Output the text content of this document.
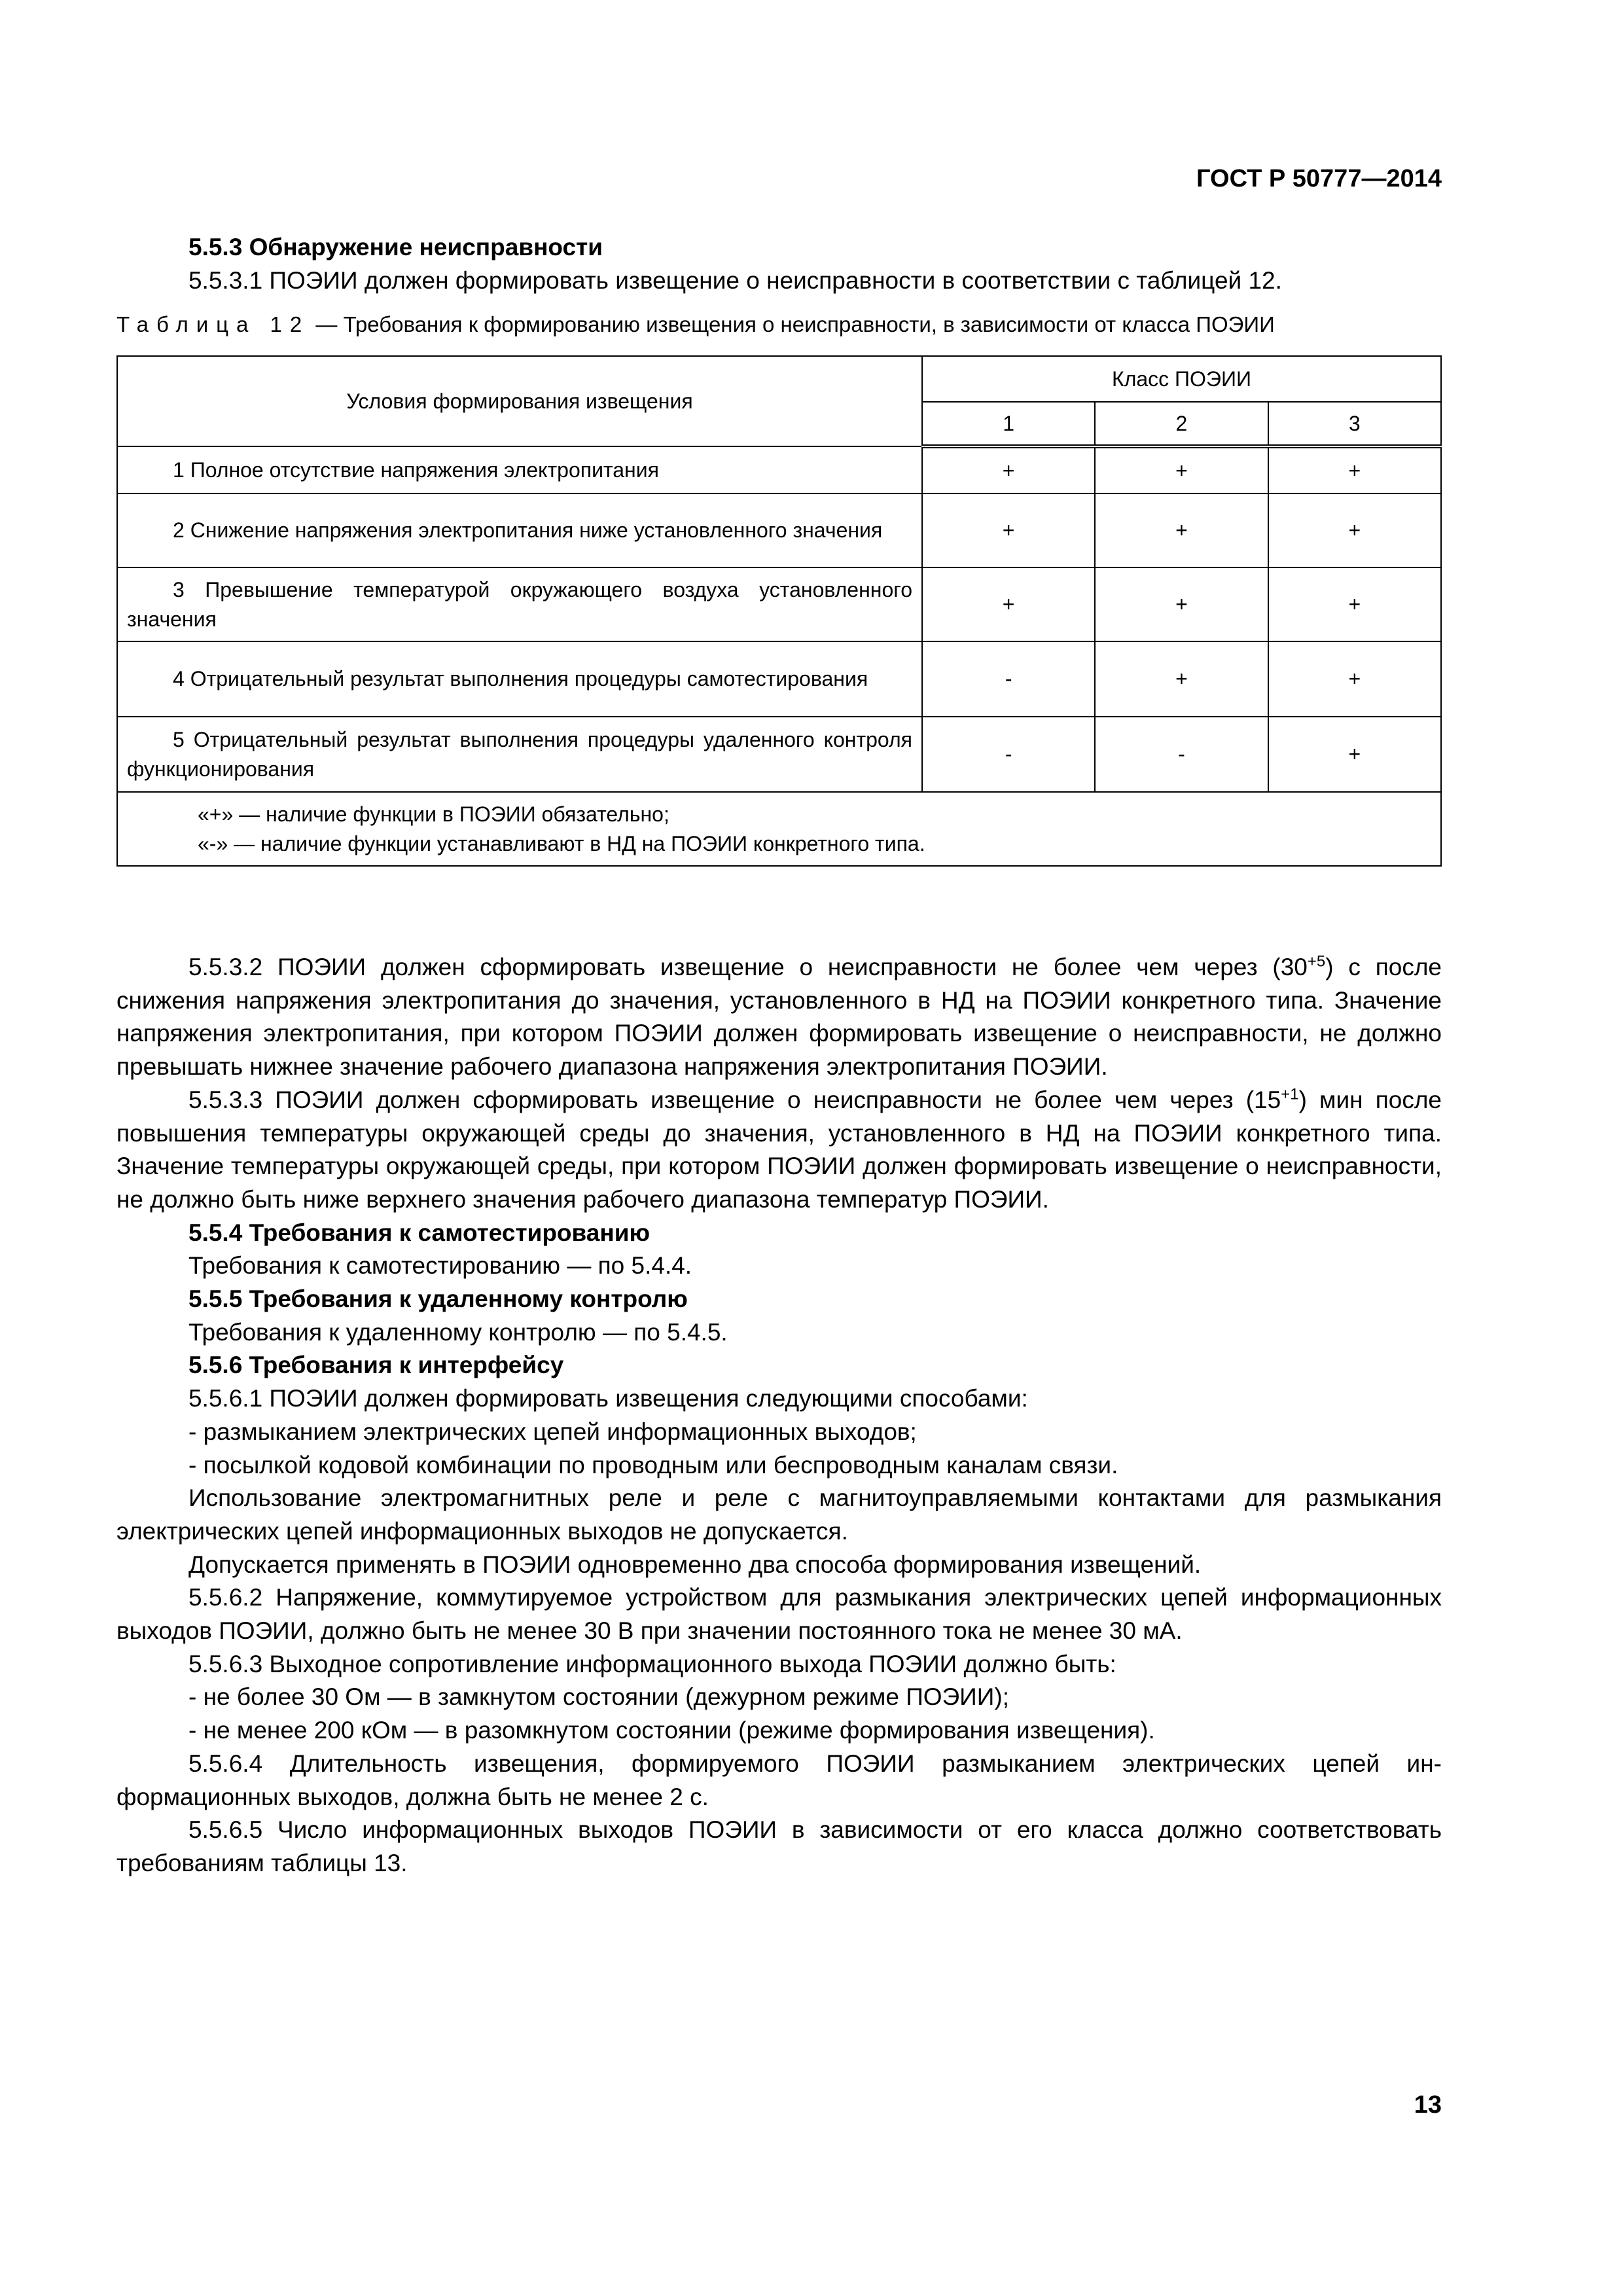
ГОСТ Р 50777—2014

5.5.3 Обнаружение неисправности

5.5.3.1 ПОЭИИ должен формировать извещение о неисправности в соответствии с таблицей 12.

Таблица 12 — Требования к формированию извещения о неисправности, в зависимости от класса ПОЭИИ

Условия формирования извещения	Класс ПОЭИИ		
	1	2	3
1 Полное отсутствие напряжения электропитания	+	+	+
2 Снижение напряжения электропитания ниже установленного значения	+	+	+
3 Превышение температурой окружающего воздуха установленного значения	+	+	+
4 Отрицательный результат выполнения процедуры самотестирования	-	+	+
5 Отрицательный результат выполнения процедуры удаленного контроля функционирования	-	-	+

«+» — наличие функции в ПОЭИИ обязательно;
«-» — наличие функции устанавливают в НД на ПОЭИИ конкретного типа.			

5.5.3.2 ПОЭИИ должен сформировать извещение о неисправности не более чем через $(30^{+5})$ с после снижения напряжения электропитания до значения, установленного в НД на ПОЭИИ конкретного типа. Значение напряжения электропитания, при котором ПОЭИИ должен формировать извещение о неисправности, не должно превышать нижнее значение рабочего диапазона напряжения электропитания ПОЭИИ.

5.5.3.3 ПОЭИИ должен сформировать извещение о неисправности не более чем через $(15^{+1})$ мин после повышения температуры окружающей среды до значения, установленного в НД на ПОЭИИ конкретного типа. Значение температуры окружающей среды, при котором ПОЭИИ должен формировать извещение о неисправности, не должно быть ниже верхнего значения рабочего диапазона температур ПОЭИИ.

5.5.4 Требования к самотестированию

Требования к самотестированию — по 5.4.4.

5.5.5 Требования к удаленному контролю

Требования к удаленному контролю — по 5.4.5.

5.5.6 Требования к интерфейсу

5.5.6.1 ПОЭИИ должен формировать извещения следующими способами:

- размыканием электрических цепей информационных выходов;

- посылкой кодовой комбинации по проводным или беспроводным каналам связи.

Использование электромагнитных реле и реле с магнитоуправляемыми контактами для размыкания электрических цепей информационных выходов не допускается.

Допускается применять в ПОЭИИ одновременно два способа формирования извещений.

5.5.6.2 Напряжение, коммутируемое устройством для размыкания электрических цепей информационных выходов ПОЭИИ, должно быть не менее 30 В при значении постоянного тока не менее 30 мА.

5.5.6.3 Выходное сопротивление информационного выхода ПОЭИИ должно быть:

- не более 30 Ом — в замкнутом состоянии (дежурном режиме ПОЭИИ);

- не менее 200 кОм — в разомкнутом состоянии (режиме формирования извещения).

5.5.6.4 Длительность извещения, формируемого ПОЭИИ размыканием электрических цепей информационных выходов, должна быть не менее 2 с.

5.5.6.5 Число информационных выходов ПОЭИИ в зависимости от его класса должно соответствовать требованиям таблицы 13.

13
